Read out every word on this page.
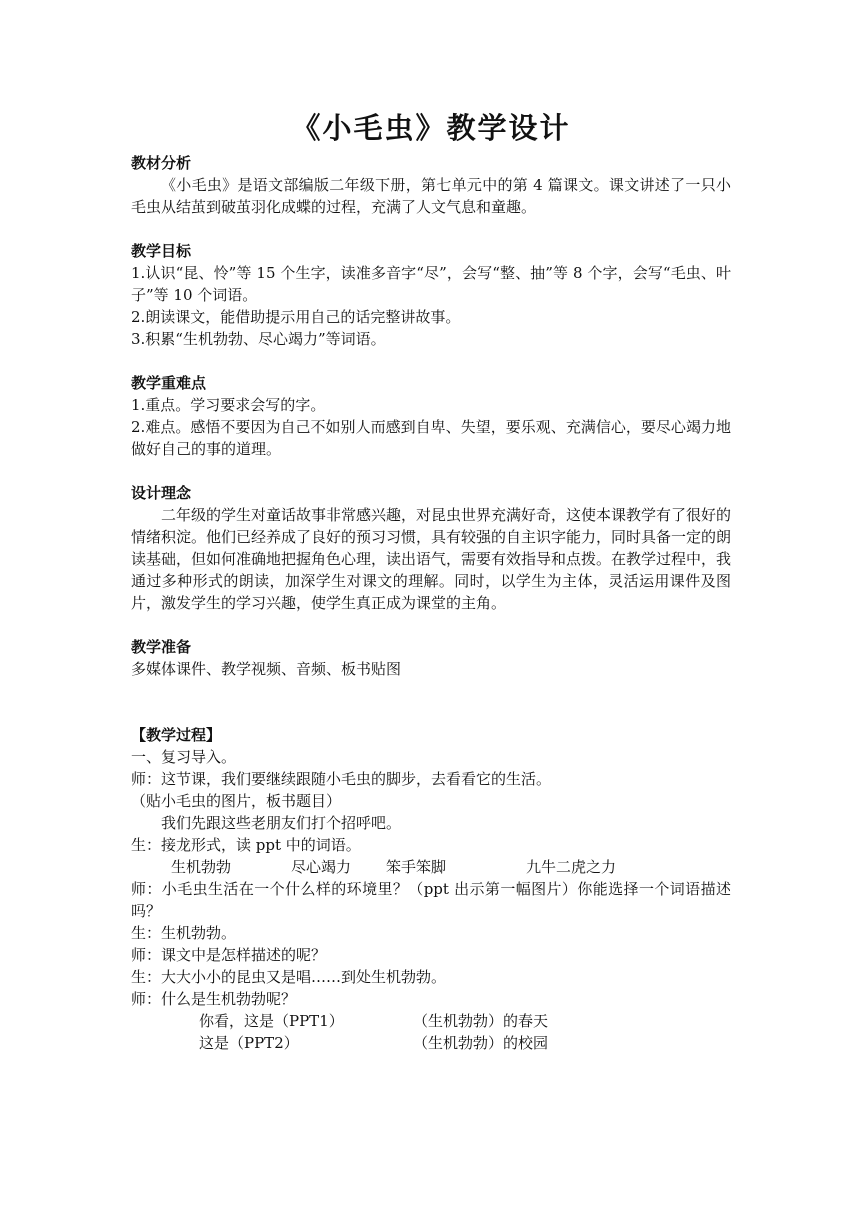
《小毛虫》教学设计
教材分析
《小毛虫》是语文部编版二年级下册，第七单元中的第 4 篇课文。课文讲述了一只小毛虫从结茧到破茧羽化成蝶的过程，充满了人文气息和童趣。
教学目标
1.认识“昆、怜”等 15 个生字，读准多音字“尽”，会写“整、抽”等 8 个字，会写“毛虫、叶子”等 10 个词语。
2.朗读课文，能借助提示用自己的话完整讲故事。
3.积累“生机勃勃、尽心竭力”等词语。
教学重难点
1.重点。学习要求会写的字。
2.难点。感悟不要因为自己不如别人而感到自卑、失望，要乐观、充满信心，要尽心竭力地做好自己的事的道理。
设计理念
二年级的学生对童话故事非常感兴趣，对昆虫世界充满好奇，这使本课教学有了很好的情绪积淀。他们已经养成了良好的预习习惯，具有较强的自主识字能力，同时具备一定的朗读基础，但如何准确地把握角色心理，读出语气，需要有效指导和点拨。在教学过程中，我通过多种形式的朗读，加深学生对课文的理解。同时，以学生为主体，灵活运用课件及图片，激发学生的学习兴趣，使学生真正成为课堂的主角。
教学准备
多媒体课件、教学视频、音频、板书贴图
【教学过程】
一、复习导入。
师：这节课，我们要继续跟随小毛虫的脚步，去看看它的生活。
（贴小毛虫的图片，板书题目）
我们先跟这些老朋友们打个招呼吧。
生：接龙形式，读 ppt 中的词语。
生机勃勃	尽心竭力	笨手笨脚	九牛二虎之力
师：小毛虫生活在一个什么样的环境里？（ppt 出示第一幅图片）你能选择一个词语描述吗？
生：生机勃勃。
师：课文中是怎样描述的呢？
生：大大小小的昆虫又是唱……到处生机勃勃。
师：什么是生机勃勃呢？
你看，这是（PPT1）	（生机勃勃）的春天
这是（PPT2）	（生机勃勃）的校园
